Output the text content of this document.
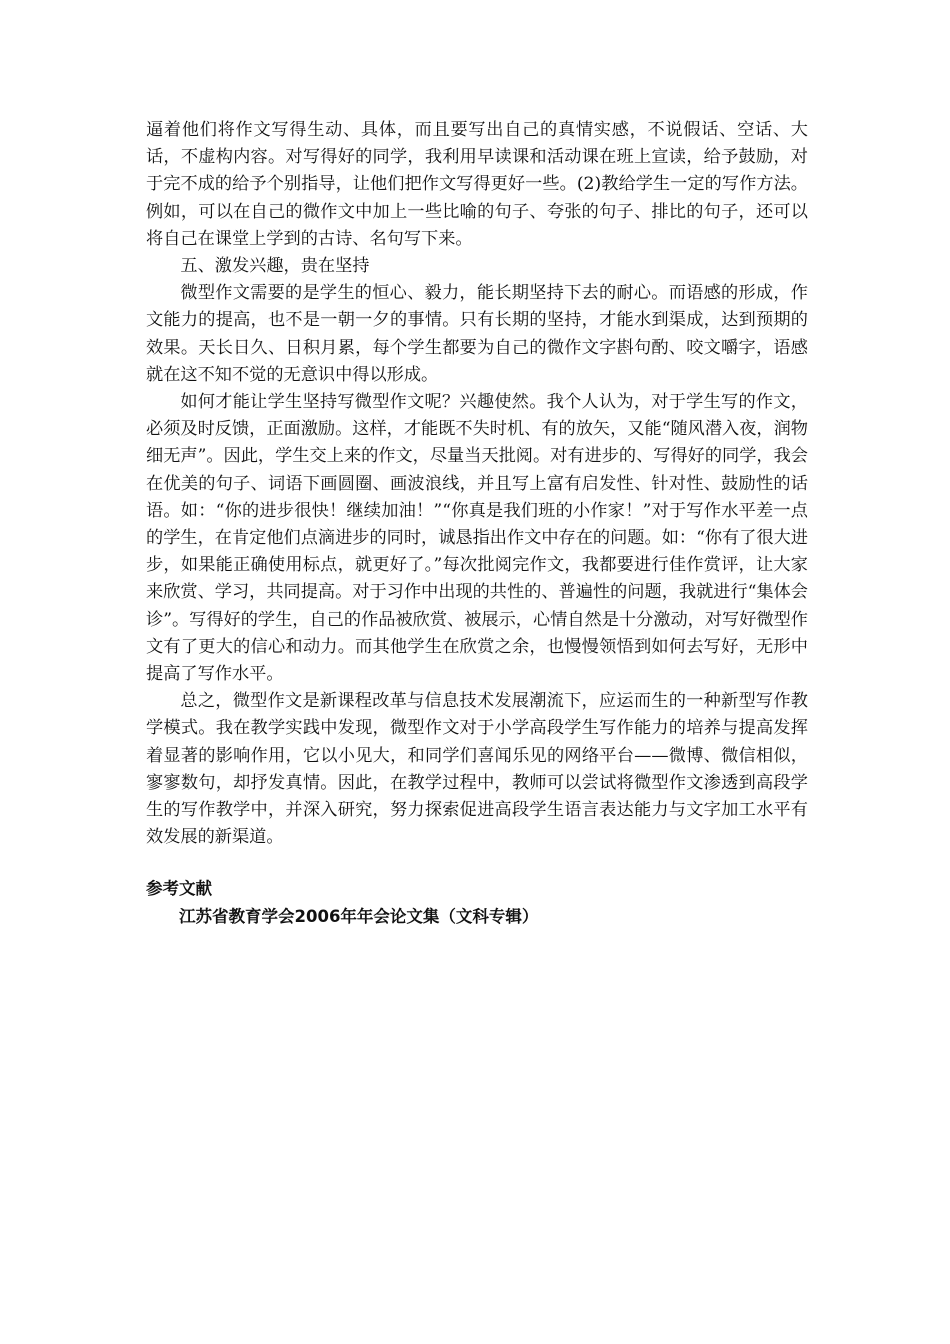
逼着他们将作文写得生动、具体，而且要写出自己的真情实感，不说假话、空话、大话，不虚构内容。对写得好的同学，我利用早读课和活动课在班上宣读，给予鼓励，对于完不成的给予个别指导，让他们把作文写得更好一些。(2)教给学生一定的写作方法。例如，可以在自己的微作文中加上一些比喻的句子、夸张的句子、排比的句子，还可以将自己在课堂上学到的古诗、名句写下来。

五、激发兴趣，贵在坚持

微型作文需要的是学生的恒心、毅力，能长期坚持下去的耐心。而语感的形成，作文能力的提高，也不是一朝一夕的事情。只有长期的坚持，才能水到渠成，达到预期的效果。天长日久、日积月累，每个学生都要为自己的微作文字斟句酌、咬文嚼字，语感就在这不知不觉的无意识中得以形成。

如何才能让学生坚持写微型作文呢？兴趣使然。我个人认为，对于学生写的作文，必须及时反馈，正面激励。这样，才能既不失时机、有的放矢，又能“随风潜入夜，润物细无声”。因此，学生交上来的作文，尽量当天批阅。对有进步的、写得好的同学，我会在优美的句子、词语下画圆圈、画波浪线，并且写上富有启发性、针对性、鼓励性的话语。如：“你的进步很快！继续加油！”“你真是我们班的小作家！”对于写作水平差一点的学生，在肯定他们点滴进步的同时，诚恳指出作文中存在的问题。如：“你有了很大进步，如果能正确使用标点，就更好了。”每次批阅完作文，我都要进行佳作赏评，让大家来欣赏、学习，共同提高。对于习作中出现的共性的、普遍性的问题，我就进行“集体会诊”。写得好的学生，自己的作品被欣赏、被展示，心情自然是十分激动，对写好微型作文有了更大的信心和动力。而其他学生在欣赏之余，也慢慢领悟到如何去写好，无形中提高了写作水平。

总之，微型作文是新课程改革与信息技术发展潮流下，应运而生的一种新型写作教学模式。我在教学实践中发现，微型作文对于小学高段学生写作能力的培养与提高发挥着显著的影响作用，它以小见大，和同学们喜闻乐见的网络平台——微博、微信相似，寥寥数句，却抒发真情。因此，在教学过程中，教师可以尝试将微型作文渗透到高段学生的写作教学中，并深入研究，努力探索促进高段学生语言表达能力与文字加工水平有效发展的新渠道。

参考文献

江苏省教育学会2006年年会论文集（文科专辑）
